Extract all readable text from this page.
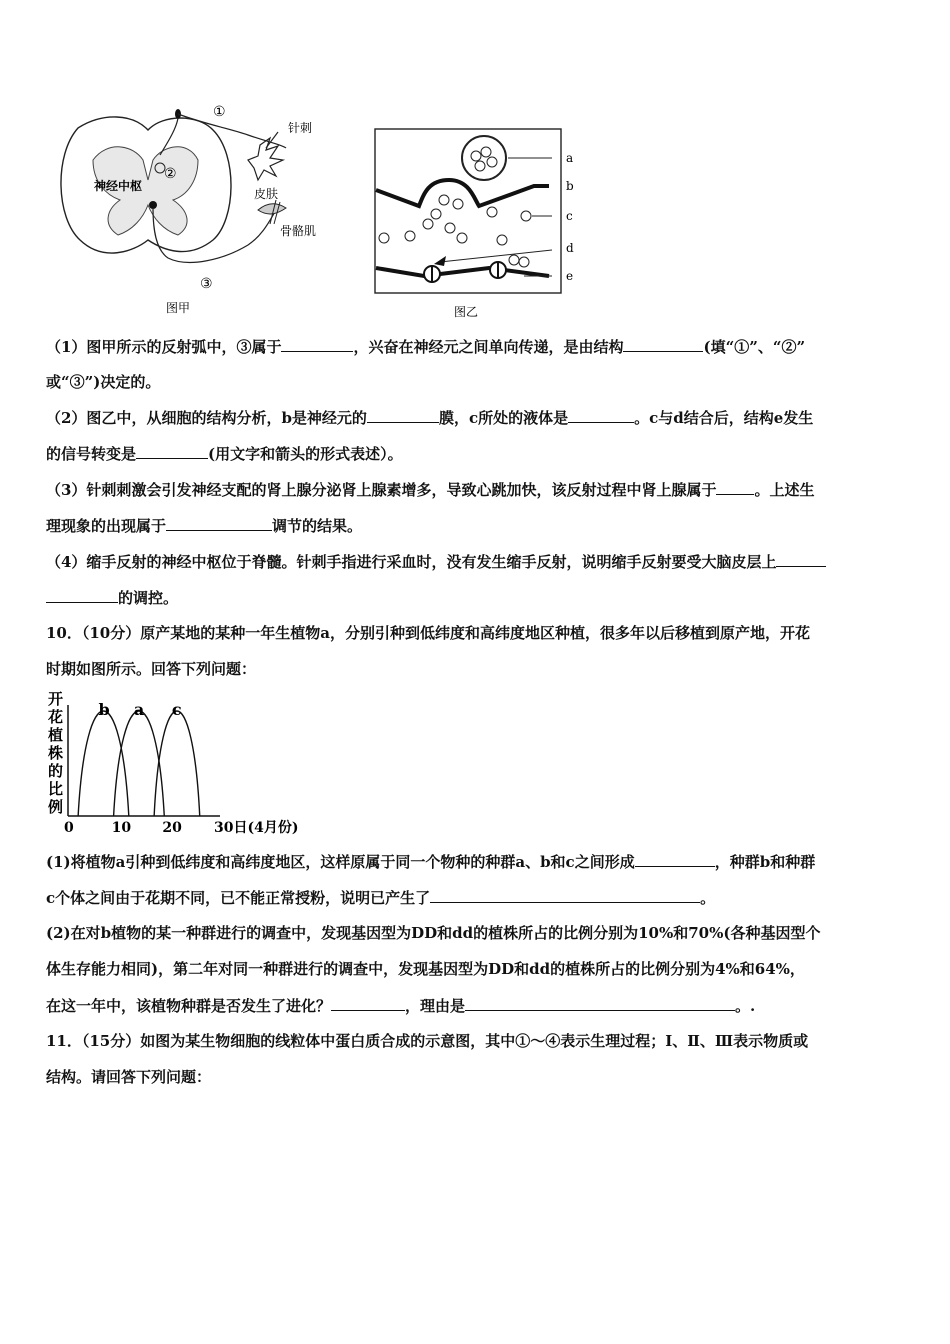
神经中枢
①
②
③
针刺
皮肤
骨骼肌
图甲
a
b
c
d
e
图乙
（1）图甲所示的反射弧中，③属于	，兴奋在神经元之间单向传递，是由结构	(填“①”、“②”
或“③”)决定的。
（2）图乙中，从细胞的结构分析，b是神经元的	膜，c所处的液体是	。c与d结合后，结构e发生
的信号转变是	(用文字和箭头的形式表述）。
（3）针刺刺激会引发神经支配的肾上腺分泌肾上腺素增多，导致心跳加快，该反射过程中肾上腺属于	。上述生
理现象的出现属于	调节的结果。
（4）缩手反射的神经中枢位于脊髓。针刺手指进行采血时，没有发生缩手反射，说明缩手反射要受大脑皮层上
的调控。
10．（10分）原产某地的某种一年生植物a，分别引种到低纬度和高纬度地区种植，很多年以后移植到原产地，开花
时期如图所示。回答下列问题：
开
花
植
株
的
比
例
b a c
0	10 20 30日(4月份)
(1)将植物a引种到低纬度和高纬度地区，这样原属于同一个物种的种群a、b和c之间形成	，种群b和种群
c个体之间由于花期不同，已不能正常授粉，说明已产生了	。
(2)在对b植物的某一种群进行的调查中，发现基因型为DD和dd的植株所占的比例分别为10%和70%(各种基因型个
体生存能力相同)，第二年对同一种群进行的调查中，发现基因型为DD和dd的植株所占的比例分别为4%和64%，
在这一年中，该植物种群是否发生了进化？	，理由是	。.
11．（15分）如图为某生物细胞的线粒体中蛋白质合成的示意图，其中①～④表示生理过程；Ⅰ、Ⅱ、Ⅲ表示物质或
结构。请回答下列问题：
